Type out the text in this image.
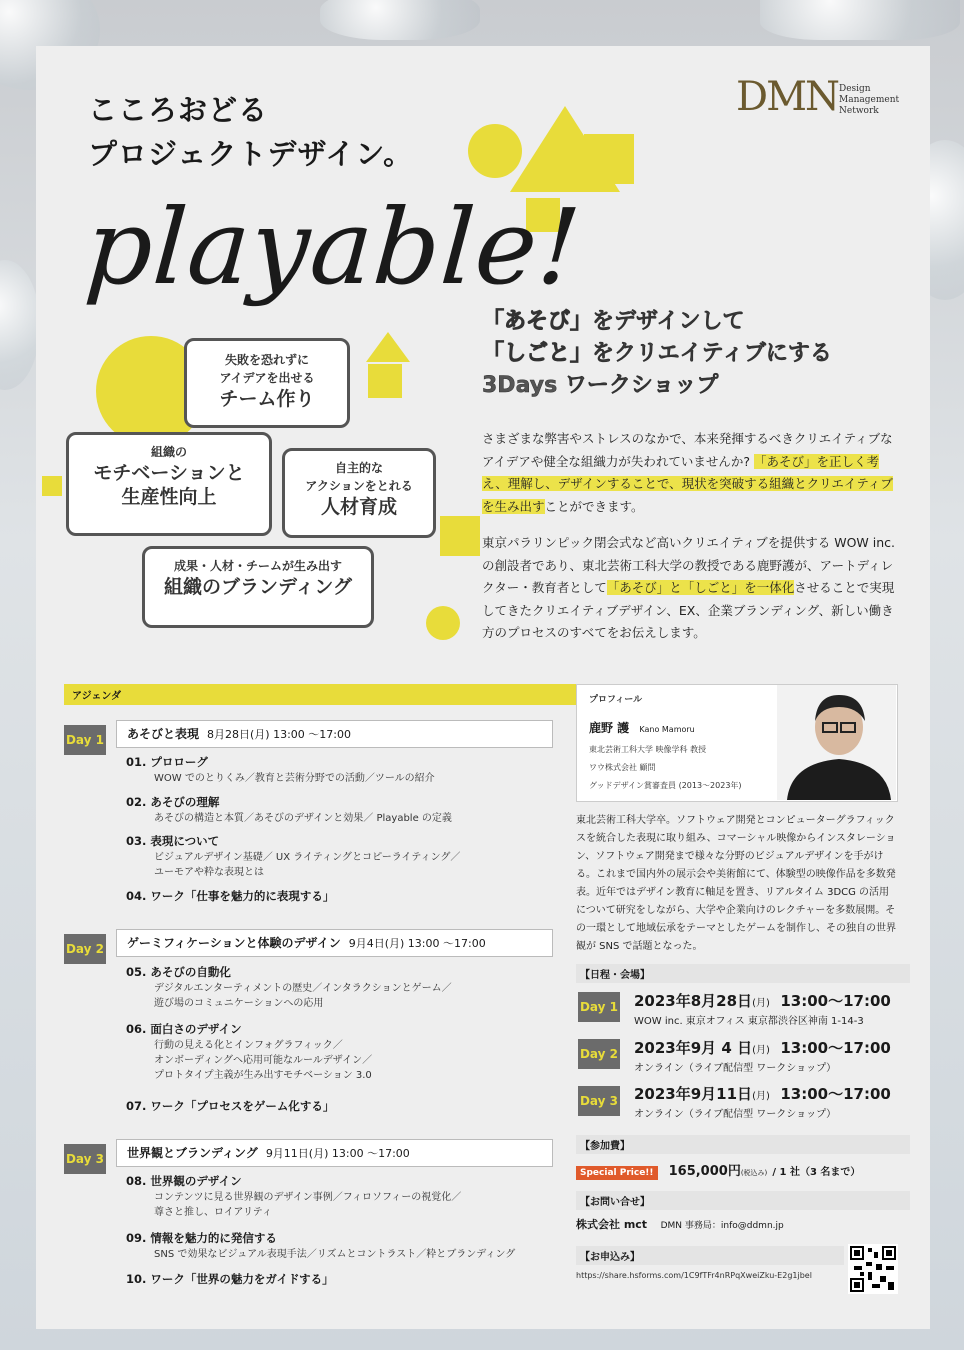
こころおどる
プロジェクトデザイン。
playable!
DMN Design
Management
Network
「あそび」をデザインして
「しごと」をクリエイティブにする
3Days ワークショップ
さまざまな弊害やストレスのなかで、本来発揮するべきクリエイティブなアイデアや健全な組織力が失われていませんか? 「あそび」を正しく考え、理解し、デザインすることで、現状を突破する組織とクリエイティブを生み出すことができます。
東京パラリンピック閉会式など高いクリエイティブを提供する WOW inc. の創設者であり、東北芸術工科大学の教授である鹿野護が、アートディレクター・教育者として「あそび」と「しごと」を一体化させることで実現してきたクリエイティブデザイン、EX、企業ブランディング、新しい働き方のプロセスのすべてをお伝えします。
失敗を恐れずに
アイデアを出せる
チーム作り
組織の
モチベーションと
生産性向上
自主的な
アクションをとれる
人材育成
成果・人材・チームが生み出す
組織のブランディング
アジェンダ
Day 1	あそびと表現 8月28日(月) 13:00 ～17:00
01. プロローグ
WOW でのとりくみ／教育と芸術分野での活動／ツールの紹介
02. あそびの理解
あそびの構造と本質／あそびのデザインと効果／ Playable の定義
03. 表現について
ビジュアルデザイン基礎／ UX ライティングとコピーライティング／
ユーモアや粋な表現とは
04. ワーク「仕事を魅力的に表現する」
Day 2	ゲーミフィケーションと体験のデザイン 9月4日(月) 13:00 ～17:00
05. あそびの自動化
デジタルエンターティメントの歴史／インタラクションとゲーム／
遊び場のコミュニケーションへの応用
06. 面白さのデザイン
行動の見える化とインフォグラフィック／
オンボーディングへ応用可能なルールデザイン／
プロトタイプ主義が生み出すモチベーション 3.0
07. ワーク「プロセスをゲーム化する」
Day 3	世界観とブランディング 9月11日(月) 13:00 ～17:00
08. 世界観のデザイン
コンテンツに見る世界観のデザイン事例／フィロソフィーの視覚化／
尊さと推し、ロイアリティ
09. 情報を魅力的に発信する
SNS で効果なビジュアル表現手法／リズムとコントラスト／粋とブランディング
10. ワーク「世界の魅力をガイドする」
プロフィール
鹿野 護 Kano Mamoru
東北芸術工科大学 映像学科 教授
ワウ株式会社 顧問
グッドデザイン賞審査員 (2013～2023年)
東北芸術工科大学卒。ソフトウェア開発とコンピューターグラフィックスを統合した表現に取り組み、コマーシャル映像からインスタレーション、ソフトウェア開発まで様々な分野のビジュアルデザインを手がける。これまで国内外の展示会や美術館にて、体験型の映像作品を多数発表。近年ではデザイン教育に軸足を置き、リアルタイム 3DCG の活用について研究をしながら、大学や企業向けのレクチャーを多数展開。その一環として地域伝承をテーマとしたゲームを制作し、その独自の世界観が SNS で話題となった。
【日程・会場】
Day 1 2023年8月28日(月) 13:00～17:00
WOW inc. 東京オフィス 東京都渋谷区神南 1-14-3
Day 2 2023年9月 4 日(月) 13:00～17:00
オンライン（ライブ配信型 ワークショップ）
Day 3 2023年9月11日(月) 13:00～17:00
オンライン（ライブ配信型 ワークショップ）
【参加費】
Special Price!! 165,000円(税込み) / 1 社（3 名まで）
【お問い合せ】
株式会社 mct DMN 事務局：info@ddmn.jp
【お申込み】
https://share.hsforms.com/1C9fTFr4nRPqXweiZku-E2g1jbel
